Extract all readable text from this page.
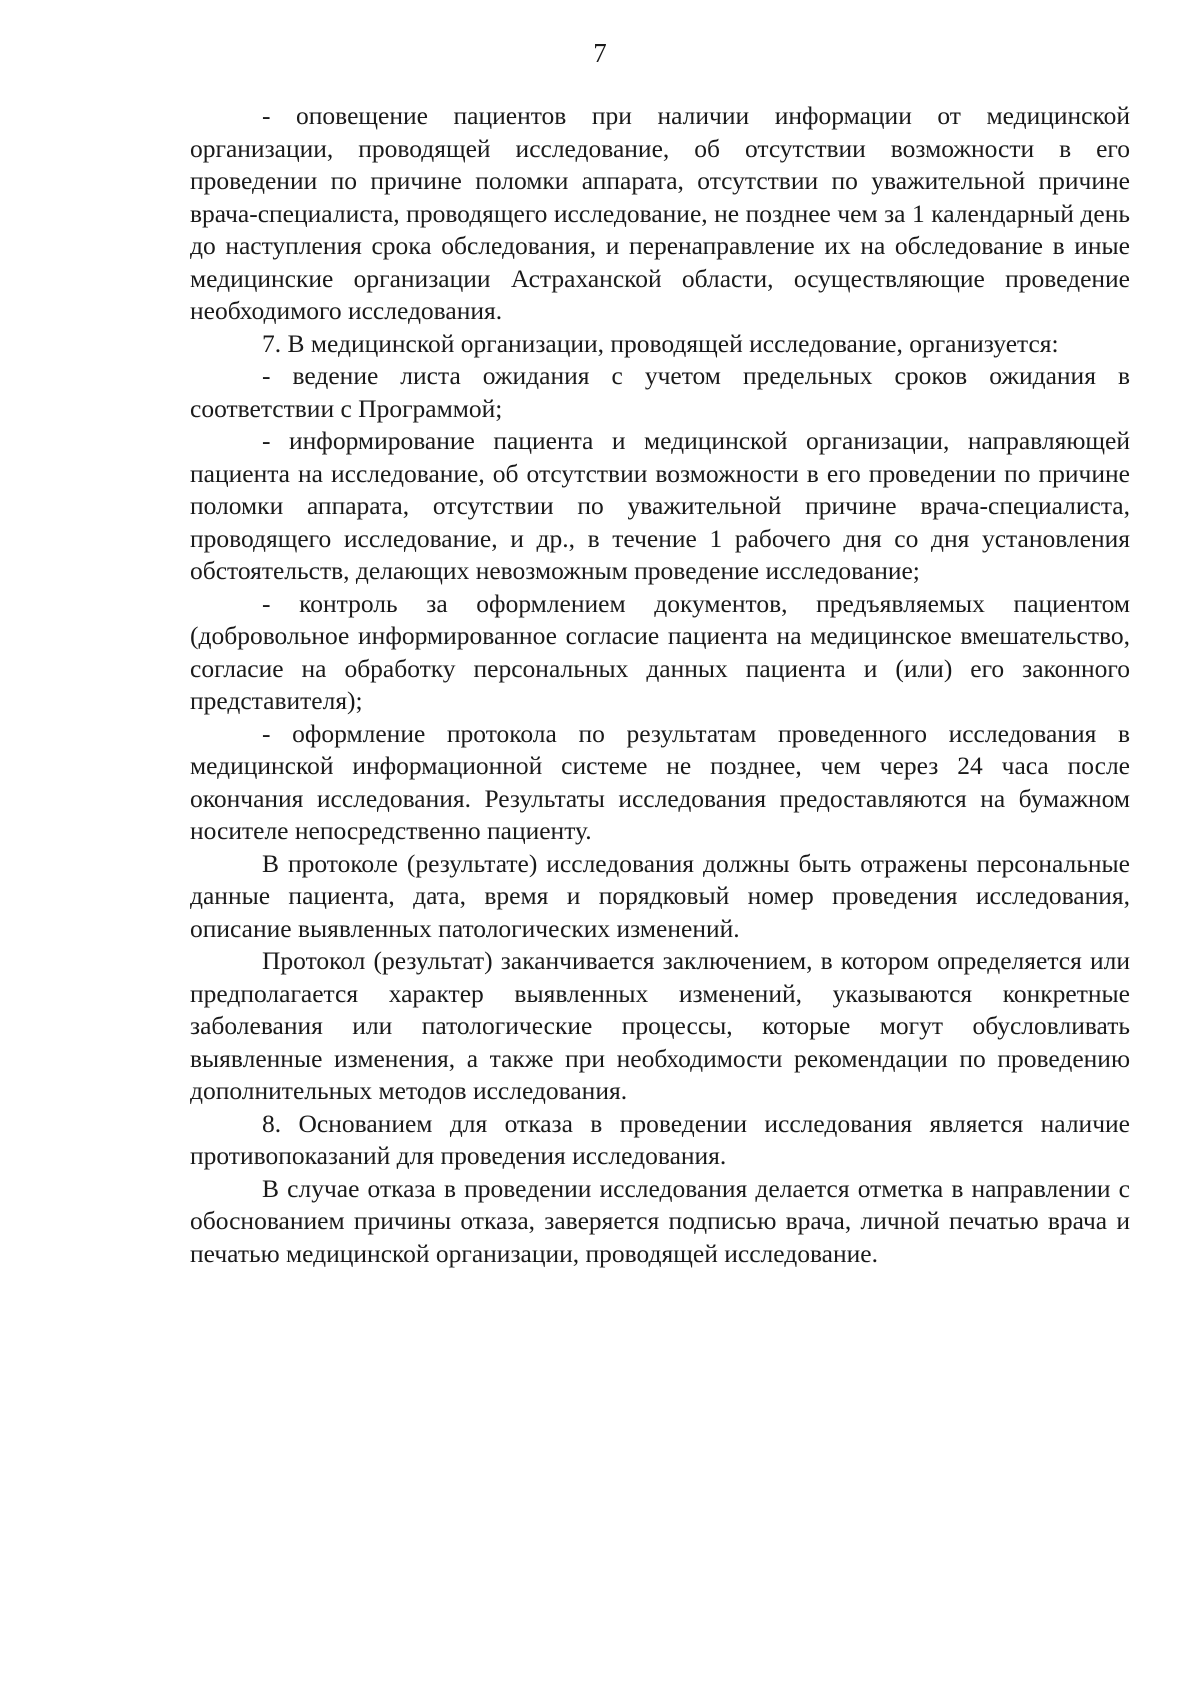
7

- оповещение пациентов при наличии информации от медицинской организации, проводящей исследование, об отсутствии возможности в его проведении по причине поломки аппарата, отсутствии по уважительной причине врача-специалиста, проводящего исследование, не позднее чем за 1 календарный день до наступления срока обследования, и перенаправление их на обследование в иные медицинские организации Астраханской области, осуществляющие проведение необходимого исследования.

7. В медицинской организации, проводящей исследование, организуется:

- ведение листа ожидания с учетом предельных сроков ожидания в соответствии с Программой;

- информирование пациента и медицинской организации, направляющей пациента на исследование, об отсутствии возможности в его проведении по причине поломки аппарата, отсутствии по уважительной причине врача-специалиста, проводящего исследование, и др., в течение 1 рабочего дня со дня установления обстоятельств, делающих невозможным проведение исследование;

- контроль за оформлением документов, предъявляемых пациентом (добровольное информированное согласие пациента на медицинское вмешательство, согласие на обработку персональных данных пациента и (или) его законного представителя);

- оформление протокола по результатам проведенного исследования в медицинской информационной системе не позднее, чем через 24 часа после окончания исследования. Результаты исследования предоставляются на бумажном носителе непосредственно пациенту.

В протоколе (результате) исследования должны быть отражены персональные данные пациента, дата, время и порядковый номер проведения исследования, описание выявленных патологических изменений.

Протокол (результат) заканчивается заключением, в котором определяется или предполагается характер выявленных изменений, указываются конкретные заболевания или патологические процессы, которые могут обусловливать выявленные изменения, а также при необходимости рекомендации по проведению дополнительных методов исследования.

8. Основанием для отказа в проведении исследования является наличие противопоказаний для проведения исследования.

В случае отказа в проведении исследования делается отметка в направлении с обоснованием причины отказа, заверяется подписью врача, личной печатью врача и печатью медицинской организации, проводящей исследование.
